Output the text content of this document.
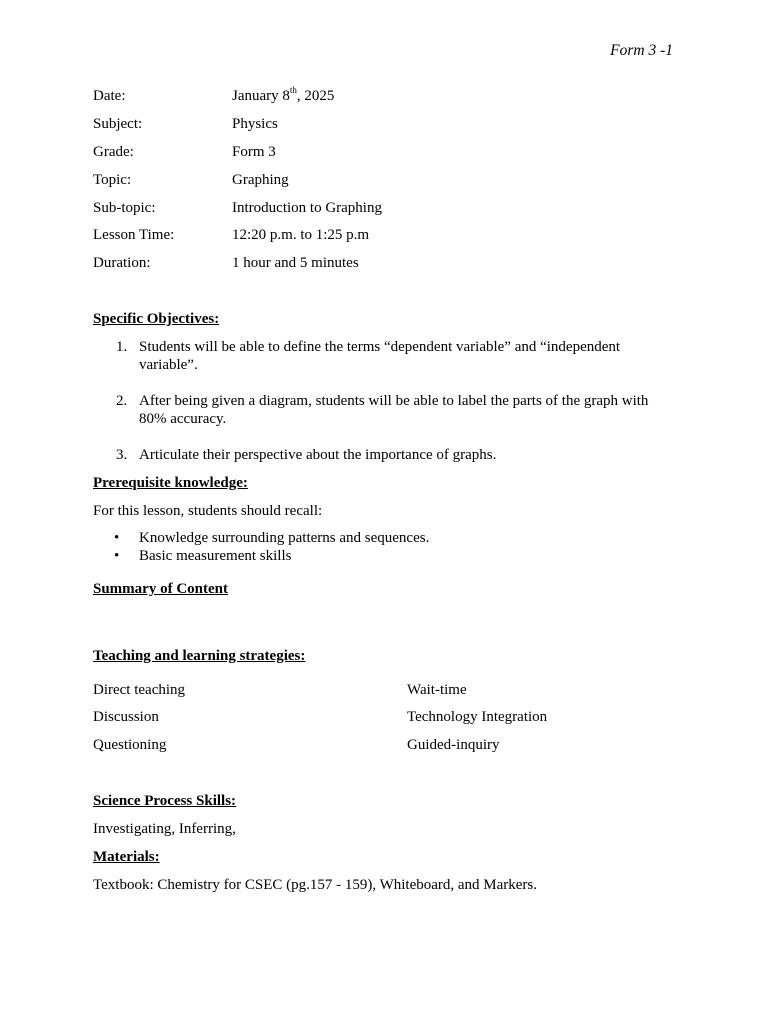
Form 3 -1
Date:	January 8th, 2025
Subject:	Physics
Grade:	Form 3
Topic:	Graphing
Sub-topic:	Introduction to Graphing
Lesson Time:	12:20 p.m. to 1:25 p.m
Duration:	1 hour and 5 minutes
Specific Objectives:
1. Students will be able to define the terms “dependent variable” and “independent variable”.
2. After being given a diagram, students will be able to label the parts of the graph with 80% accuracy.
3. Articulate their perspective about the importance of graphs.
Prerequisite knowledge:
For this lesson, students should recall:
• Knowledge surrounding patterns and sequences.
• Basic measurement skills
Summary of Content
Teaching and learning strategies:
Direct teaching	Wait-time
Discussion	Technology Integration
Questioning	Guided-inquiry
Science Process Skills:
Investigating, Inferring,
Materials:
Textbook: Chemistry for CSEC (pg.157 - 159), Whiteboard, and Markers.
